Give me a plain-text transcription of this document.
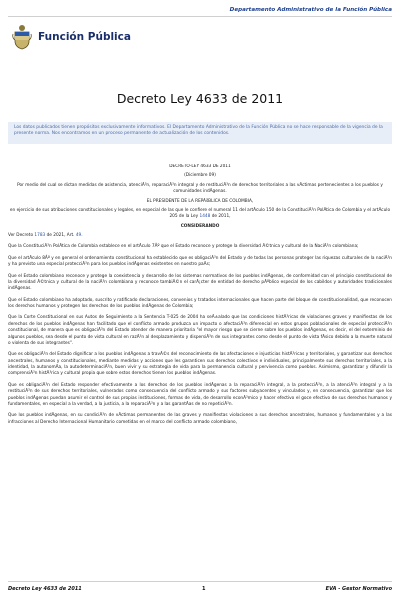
Departamento Administrativo de la Función Pública
Función Pública
Decreto Ley 4633 de 2011
Los datos publicados tienen propósitos exclusivamente informativos. El Departamento Administrativo de la Función Pública no se hace responsable de la vigencia de la presente norma. Nos encontramos en un proceso permanente de actualización de los contenidos.
DECRETO-LEY 4633 DE 2011
(Diciembre 09)
Por medio del cual se dictan medidas de asistencia, atenciÃ³n, reparaciÃ³n integral y de restituciÃ³n de derechos territoriales a las vÃctimas pertenecientes a los pueblos y comunidades indÃgenas.
EL PRESIDENTE DE LA REPÃšBLICA DE COLOMBIA,
en ejercicio de sus atribuciones constitucionales y legales, en especial de las que le confiere el numeral 11 del artÃculo 150 de la ConstituciÃ³n PolÃtica de Colombia y el artÃculo 205 de la Ley 1448 de 2011,
CONSIDERANDO
Ver Decreto 1783 de 2021, Art. 49.

Que la ConstituciÃ³n PolÃtica de Colombia establece en el artÃculo 7Âº que el Estado reconoce y protege la diversidad Ã©tnica y cultural de la NaciÃ³n colombiana;

Que el artÃculo 8Âº y en general el ordenamiento constitucional ha establecido que es obligaciÃ³n del Estado y de todas las personas proteger las riquezas culturales de la naciÃ³n y ha previsto una especial protecciÃ³n para los pueblos indÃgenas existentes en nuestro paÃs;

Que el Estado colombiano reconoce y protege la coexistencia y desarrollo de los sistemas normativos de los pueblos indÃgenas, de conformidad con el principio constitucional de la diversidad Ã©tnica y cultural de la naciÃ³n colombiana y reconoce tambiÃ©n el carÃ¡cter de entidad de derecho pÃºblico especial de los cabildos y autoridades tradicionales indÃgenas.

Que el Estado colombiano ha adoptado, suscrito y ratificado declaraciones, convenios y tratados internacionales que hacen parte del bloque de constitucionalidad, que reconocen los derechos humanos y protegen los derechos de los pueblos indÃgenas de Colombia;

Que la Corte Constitucional en sus Autos de Seguimiento a la Sentencia T-025 de 2004 ha seÃ±alado que las condiciones histÃ³ricas de violaciones graves y manifiestas de los derechos de los pueblos indÃgenas han facilitado que el conflicto armado produzca un impacto o afectaciÃ³n diferencial en estos grupos poblacionales de especial protecciÃ³n constitucional, de manera que es obligaciÃ³n del Estado atender de manera prioritaria "el mayor riesgo que se cierne sobre los pueblos indÃgenas, es decir, el del exterminio de algunos pueblos, sea desde el punto de vista cultural en razÃ³n al desplazamiento y dispersiÃ³n de sus integrantes como desde el punto de vista fÃsico debido a la muerte natural o violenta de sus integrantes".

Que es obligaciÃ³n del Estado dignificar a los pueblos indÃgenas a travÃ©s del reconocimiento de las afectaciones e injusticias histÃ³ricas y territoriales, y garantizar sus derechos ancestrales, humanos y constitucionales, mediante medidas y acciones que les garanticen sus derechos colectivos e individuales, principalmente sus derechos territoriales, a la identidad, la autonomÃa, la autodeterminaciÃ³n, buen vivir y su estrategia de vida para la permanencia cultural y pervivencia como pueblos. Asimismo, garantizar y difundir la comprensiÃ³n histÃ³rica y cultural propia que sobre estos derechos tienen los pueblos indÃgenas.

Que es obligaciÃ³n del Estado responder efectivamente a los derechos de los pueblos indÃgenas a la reparaciÃ³n integral, a la protecciÃ³n, a la atenciÃ³n integral y a la restituciÃ³n de sus derechos territoriales, vulnerados como consecuencia del conflicto armado y sus factores subyacentes y vinculados y, en consecuencia, garantizar que los pueblos indÃgenas puedan asumir el control de sus propias instituciones, formas de vida, de desarrollo econÃ³mico y hacer efectivo el goce efectivo de sus derechos humanos y fundamentales, en especial a la verdad, a la justicia, a la reparaciÃ³n y a las garantÃas de no repeticiÃ³n.

Que los pueblos indÃgenas, en su condiciÃ³n de vÃctimas permanentes de las graves y manifiestas violaciones a sus derechos ancestrales, humanos y fundamentales y a las infracciones al Derecho Internacional Humanitario cometidas en el marco del conflicto armado colombiano,

Decreto Ley 4633 de 2011	1	EVA - Gestor Normativo
